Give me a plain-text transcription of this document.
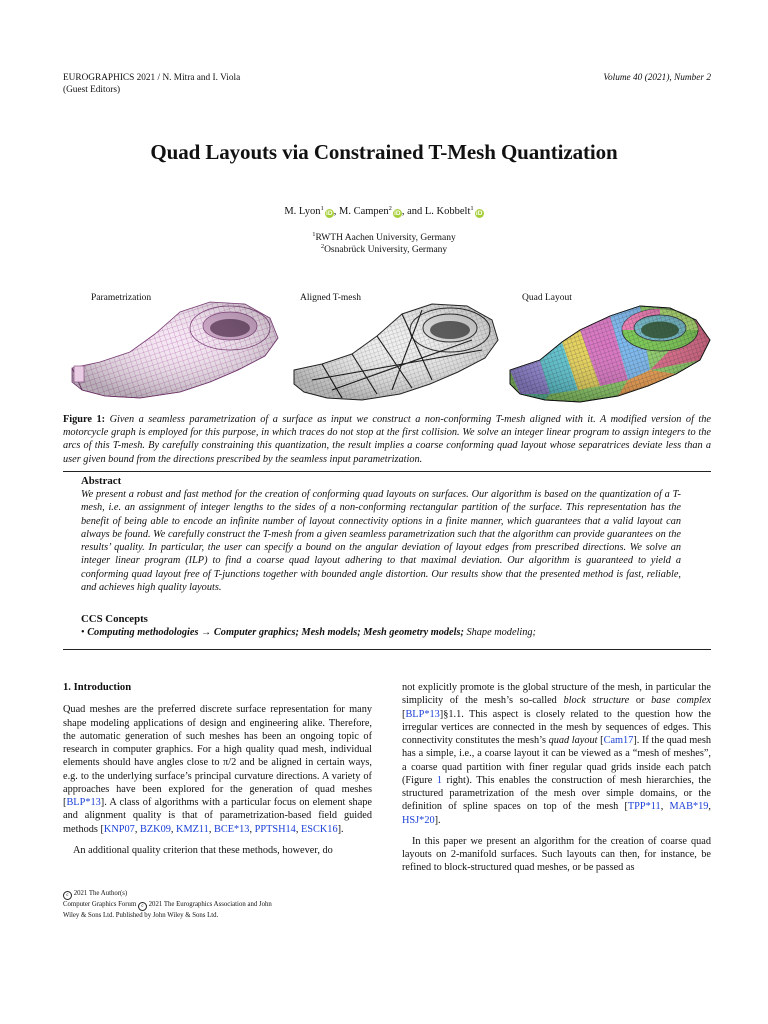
EUROGRAPHICS 2021 / N. Mitra and I. Viola
(Guest Editors)
Volume 40 (2021), Number 2
Quad Layouts via Constrained T-Mesh Quantization
M. Lyon$^1$iD, M. Campen$^2$iD, and L. Kobbelt$^1$iD
$^1$RWTH Aachen University, Germany
$^2$Osnabrück University, Germany
Parametrization	Aligned T-mesh	Quad Layout
Figure 1: Given a seamless parametrization of a surface as input we construct a non-conforming T-mesh aligned with it. A modified version of the motorcycle graph is employed for this purpose, in which traces do not stop at the first collision. We solve an integer linear program to assign integers to the arcs of this T-mesh. By carefully constraining this quantization, the result implies a coarse conforming quad layout whose separatrices deviate less than a user given bound from the directions prescribed by the seamless input parametrization.
Abstract
We present a robust and fast method for the creation of conforming quad layouts on surfaces. Our algorithm is based on the quantization of a T-mesh, i.e. an assignment of integer lengths to the sides of a non-conforming rectangular partition of the surface. This representation has the benefit of being able to encode an infinite number of layout connectivity options in a finite manner, which guarantees that a valid layout can always be found. We carefully construct the T-mesh from a given seamless parametrization such that the algorithm can provide guarantees on the results’ quality. In particular, the user can specify a bound on the angular deviation of layout edges from prescribed directions. We solve an integer linear program (ILP) to find a coarse quad layout adhering to that maximal deviation. Our algorithm is guaranteed to yield a conforming quad layout free of T-junctions together with bounded angle distortion. Our results show that the presented method is fast, reliable, and achieves high quality layouts.
CCS Concepts
• Computing methodologies → Computer graphics; Mesh models; Mesh geometry models; Shape modeling;
1. Introduction

Quad meshes are the preferred discrete surface representation for many shape modeling applications of design and engineering alike. Therefore, the automatic generation of such meshes has been an ongoing topic of research in computer graphics. For a high quality quad mesh, individual elements should have angles close to π/2 and be aligned in certain ways, e.g. to the underlying surface’s principal curvature directions. A variety of approaches have been explored for the generation of quad meshes [BLP*13]. A class of algorithms with a particular focus on element shape and alignment quality is that of parametrization-based field guided methods [KNP07, BZK09, KMZ11, BCE*13, PPTSH14, ESCK16].

An additional quality criterion that these methods, however, do

not explicitly promote is the global structure of the mesh, in particular the simplicity of the mesh’s so-called block structure or base complex [BLP*13]§1.1. This aspect is closely related to the question how the irregular vertices are connected in the mesh by sequences of edges. This connectivity constitutes the mesh’s quad layout [Cam17]. If the quad mesh has a simple, i.e., a coarse layout it can be viewed as a “mesh of meshes”, a coarse quad partition with finer regular quad grids inside each patch (Figure 1 right). This enables the construction of mesh hierarchies, the structured parametrization of the mesh over simple domains, or the definition of spline spaces on top of the mesh [TPP*11, MAB*19, HSJ*20].

In this paper we present an algorithm for the creation of coarse quad layouts on 2-manifold surfaces. Such layouts can then, for instance, be refined to block-structured quad meshes, or be passed as

c 2021 The Author(s)
Computer Graphics Forum c 2021 The Eurographics Association and John
Wiley & Sons Ltd. Published by John Wiley & Sons Ltd.
